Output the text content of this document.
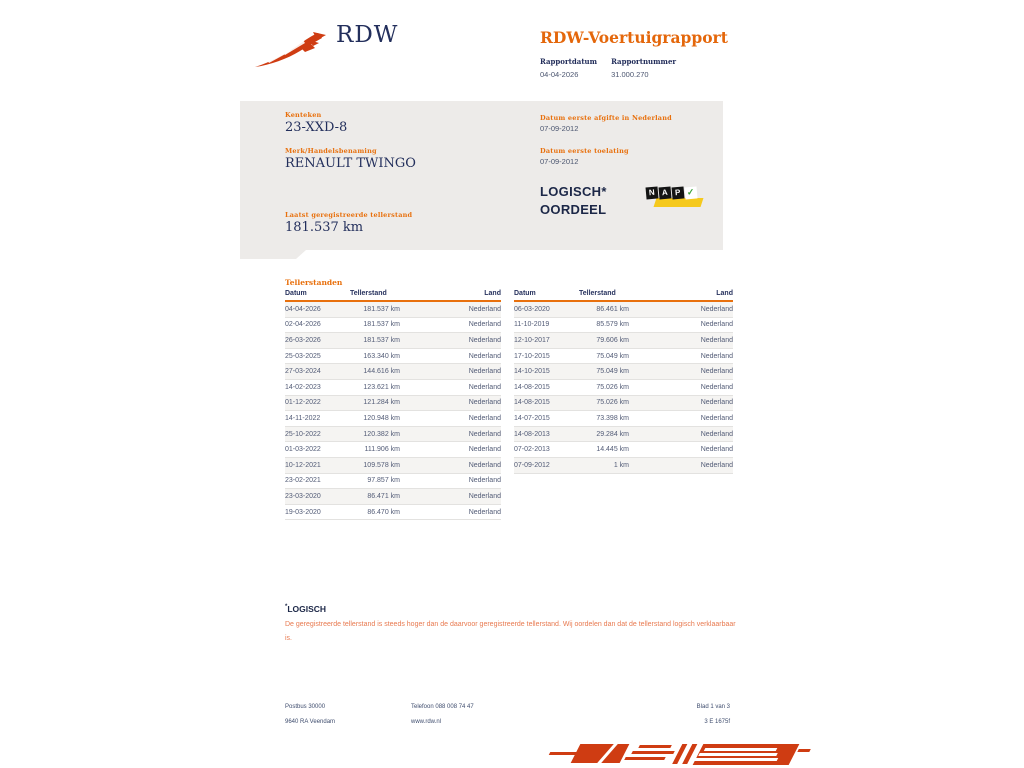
RDW	RDW-Voertuigrapport
Rapportdatum
04-04-2026
Rapportnummer
31.000.270
Kenteken
23-XXD-8
Merk/Handelsbenaming
RENAULT TWINGO
Laatst geregistreerde tellerstand
181.537 km
Datum eerste afgifte in Nederland
07-09-2012
Datum eerste toelating
07-09-2012
LOGISCH*
OORDEEL
N A P ✓
Tellerstanden
Datum	Tellerstand	Land
04-04-2026	181.537 km	Nederland
02-04-2026	181.537 km	Nederland
26-03-2026	181.537 km	Nederland
25-03-2025	163.340 km	Nederland
27-03-2024	144.616 km	Nederland
14-02-2023	123.621 km	Nederland
01-12-2022	121.284 km	Nederland
14-11-2022	120.948 km	Nederland
25-10-2022	120.382 km	Nederland
01-03-2022	111.906 km	Nederland
10-12-2021	109.578 km	Nederland
23-02-2021	97.857 km	Nederland
23-03-2020	86.471 km	Nederland
19-03-2020	86.470 km	Nederland
Datum	Tellerstand	Land
06-03-2020	86.461 km	Nederland
11-10-2019	85.579 km	Nederland
12-10-2017	79.606 km	Nederland
17-10-2015	75.049 km	Nederland
14-10-2015	75.049 km	Nederland
14-08-2015	75.026 km	Nederland
14-08-2015	75.026 km	Nederland
14-07-2015	73.398 km	Nederland
14-08-2013	29.284 km	Nederland
07-02-2013	14.445 km	Nederland
07-09-2012	1 km	Nederland
*LOGISCH
De geregistreerde tellerstand is steeds hoger dan de daarvoor geregistreerde tellerstand. Wij oordelen dan dat de tellerstand logisch verklaarbaar is.
Postbus 30000
9640 RA Veendam
Telefoon 088 008 74 47
www.rdw.nl
Blad 1 van 3
3 E 1675f
